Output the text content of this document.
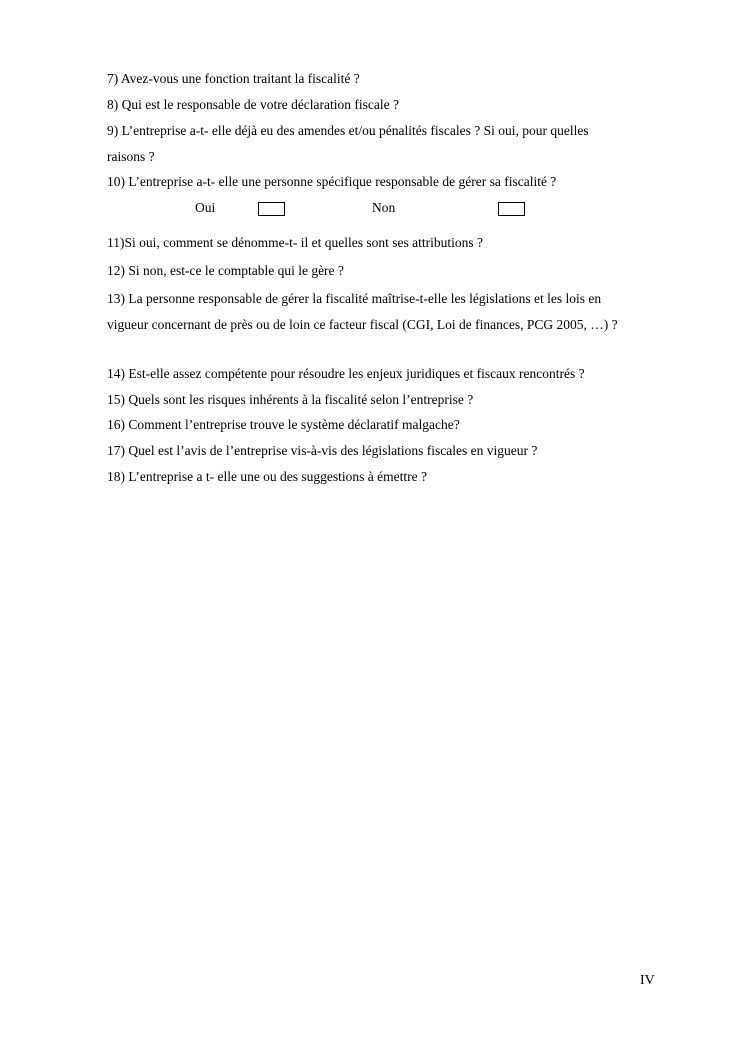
7) Avez-vous une fonction traitant la fiscalité ?
8) Qui est le responsable de votre déclaration fiscale ?
9) L’entreprise a-t- elle déjà eu des amendes et/ou pénalités fiscales ? Si oui, pour quelles
raisons ?
10) L’entreprise a-t- elle une personne spécifique responsable de gérer sa fiscalité ?
Oui	Non
11)Si oui, comment se dénomme-t- il et quelles sont ses attributions ?
12) Si non, est-ce le comptable qui le gère ?
13) La personne responsable de gérer la fiscalité maîtrise-t-elle les législations et les lois en
vigueur concernant de près ou de loin ce facteur fiscal (CGI, Loi de finances, PCG 2005, …) ?
14) Est-elle assez compétente pour résoudre les enjeux juridiques et fiscaux rencontrés ?
15) Quels sont les risques inhérents à la fiscalité selon l’entreprise ?
16) Comment l’entreprise trouve le système déclaratif malgache?
17) Quel est l’avis de l’entreprise vis-à-vis des législations fiscales en vigueur ?
18) L’entreprise a t- elle une ou des suggestions à émettre ?
IV
